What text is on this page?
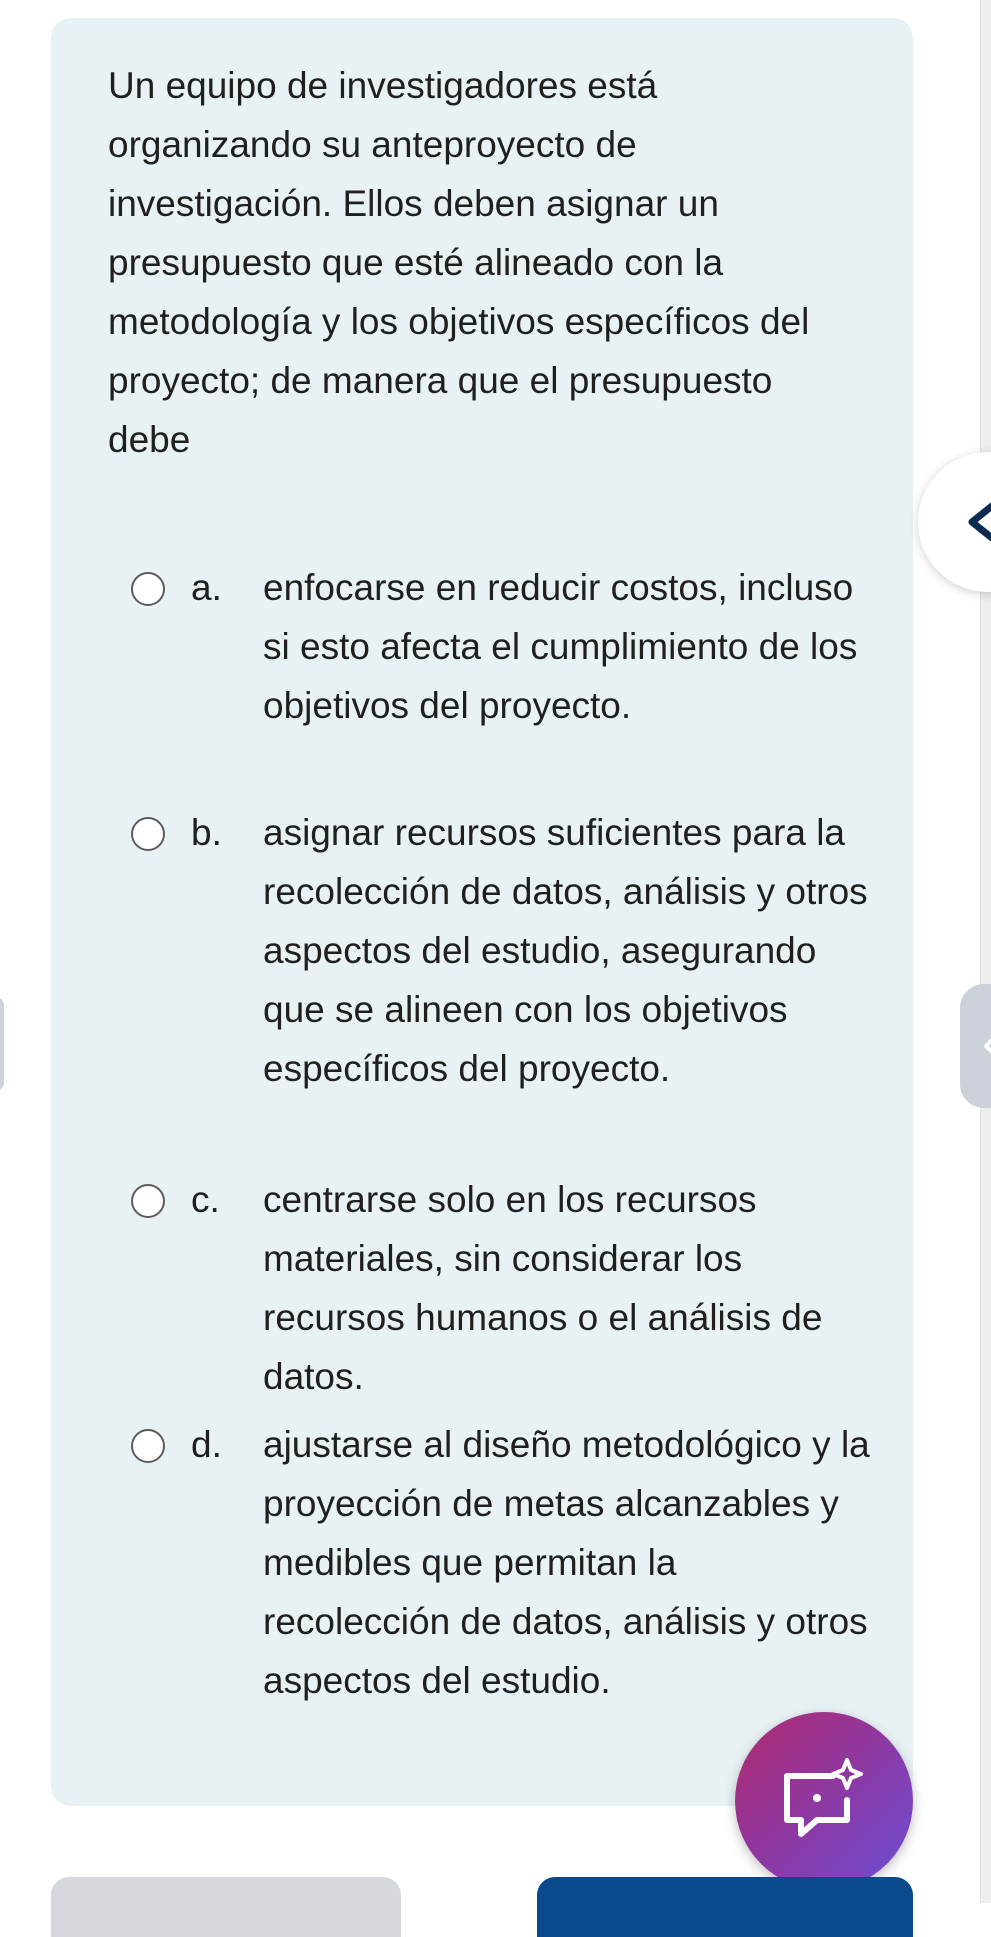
Un equipo de investigadores está organizando su anteproyecto de investigación. Ellos deben asignar un presupuesto que esté alineado con la metodología y los objetivos específicos del proyecto; de manera que el presupuesto debe

a. enfocarse en reducir costos, incluso si esto afecta el cumplimiento de los objetivos del proyecto.
b. asignar recursos suficientes para la recolección de datos, análisis y otros aspectos del estudio, asegurando que se alineen con los objetivos específicos del proyecto.
c. centrarse solo en los recursos materiales, sin considerar los recursos humanos o el análisis de datos.
d. ajustarse al diseño metodológico y la proyección de metas alcanzables y medibles que permitan la recolección de datos, análisis y otros aspectos del estudio.
